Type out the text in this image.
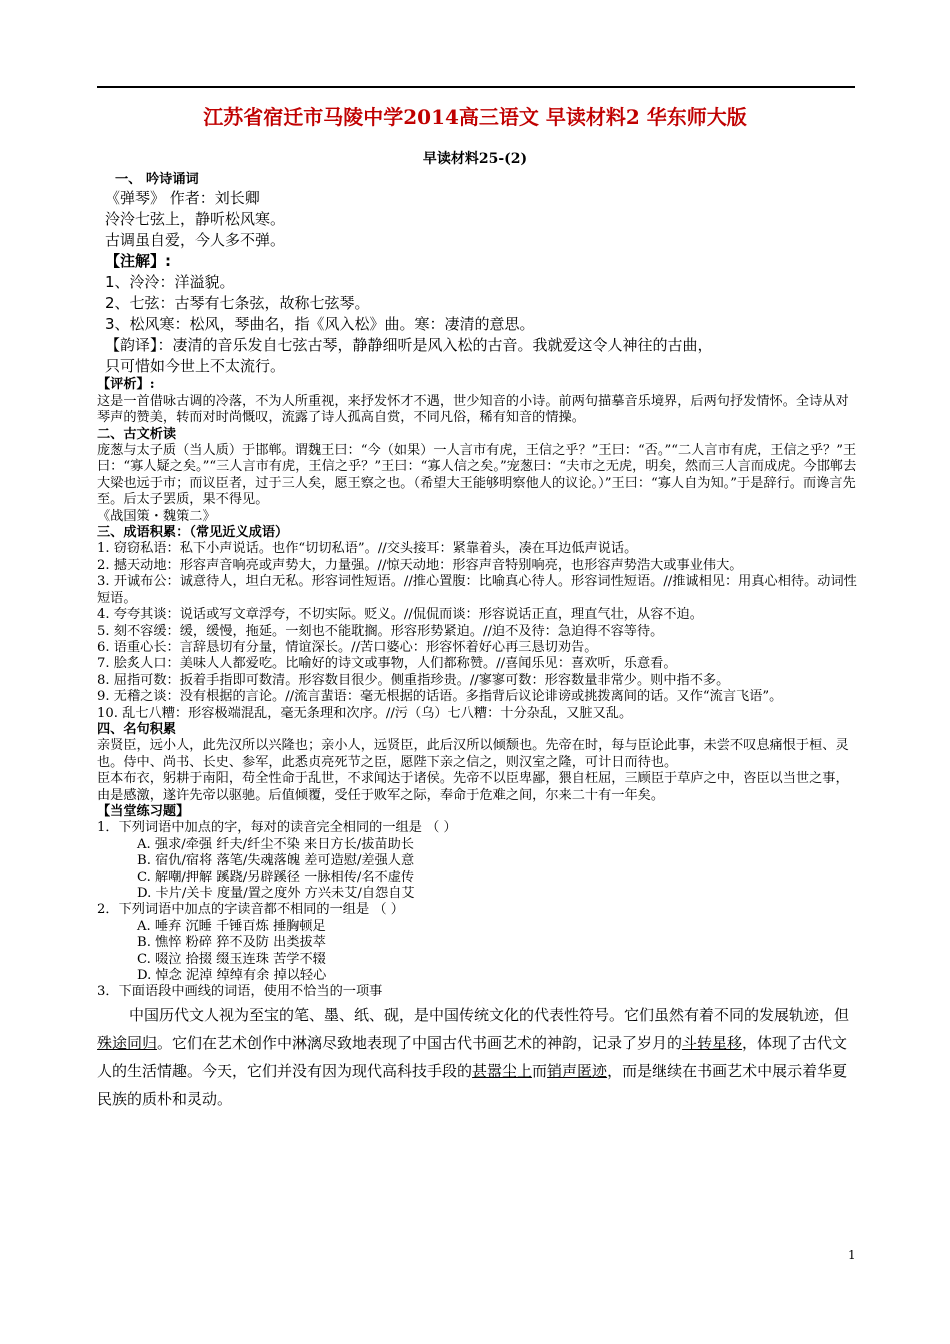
江苏省宿迁市马陵中学2014高三语文 早读材料2 华东师大版
早读材料25-(2)

一、 吟诗诵词

《弹琴》 作者：刘长卿

泠泠七弦上，静听松风寒。

古调虽自爱，今人多不弹。

【注解】:

1、泠泠：洋溢貌。

2、七弦：古琴有七条弦，故称七弦琴。

3、松风寒：松风，琴曲名，指《风入松》曲。寒：凄清的意思。

【韵译】：凄清的音乐发自七弦古琴，静静细听是风入松的古音。我就爱这令人神往的古曲，

只可惜如今世上不太流行。

【评析】:

这是一首借咏古调的冷落，不为人所重视，来抒发怀才不遇，世少知音的小诗。前两句描摹音乐境界，后两句抒发情怀。全诗从对琴声的赞美，转而对时尚慨叹，流露了诗人孤高自赏，不同凡俗，稀有知音的情操。

二、古文析读

庞葱与太子质（当人质）于邯郸。谓魏王曰：“今（如果）一人言市有虎，王信之乎？”王曰：“否。”“二人言市有虎，王信之乎？”王曰：“寡人疑之矣。”“三人言市有虎，王信之乎？”王曰：“寡人信之矣。”宠葱曰：“夫市之无虎，明矣，然而三人言而成虎。今邯郸去大梁也远于市；而议臣者，过于三人矣，愿王察之也。（希望大王能够明察他人的议论。）”王曰：“寡人自为知。”于是辞行。而谗言先至。后太子罢质，果不得见。

《战国策・魏策二》

三、成语积累：（常见近义成语）

1. 窃窃私语：私下小声说话。也作“切切私语”。//交头接耳：紧靠着头，凑在耳边低声说话。

2. 撼天动地：形容声音响亮或声势大，力量强。//惊天动地：形容声音特别响亮，也形容声势浩大或事业伟大。

3. 开诚布公：诚意待人，坦白无私。形容词性短语。//推心置腹：比喻真心待人。形容词性短语。//推诚相见：用真心相待。动词性短语。

4. 夸夸其谈：说话或写文章浮夸，不切实际。贬义。//侃侃而谈：形容说话正直，理直气壮，从容不迫。

5. 刻不容缓：缓，缓慢，拖延。一刻也不能耽搁。形容形势紧迫。//迫不及待：急迫得不容等待。

6. 语重心长：言辞恳切有分量，情谊深长。//苦口婆心：形容怀着好心再三恳切劝告。

7. 脍炙人口：美味人人都爱吃。比喻好的诗文或事物，人们都称赞。//喜闻乐见：喜欢听，乐意看。

8. 屈指可数：扳着手指即可数清。形容数目很少。侧重指珍贵。//寥寥可数：形容数量非常少。则中指不多。

9. 无稽之谈：没有根据的言论。//流言蜚语：毫无根据的话语。多指背后议论诽谤或挑拨离间的话。又作“流言飞语”。

10. 乱七八糟：形容极端混乱，毫无条理和次序。//污（乌）七八糟：十分杂乱，又脏又乱。

四、名句积累

亲贤臣，远小人，此先汉所以兴隆也；亲小人，远贤臣，此后汉所以倾颓也。先帝在时，每与臣论此事，未尝不叹息痛恨于桓、灵也。侍中、尚书、长史、参军，此悉贞亮死节之臣，愿陛下亲之信之，则汉室之隆，可计日而待也。

臣本布衣，躬耕于南阳，苟全性命于乱世，不求闻达于诸侯。先帝不以臣卑鄙，猥自枉屈，三顾臣于草庐之中，咨臣以当世之事，由是感激，遂许先帝以驱驰。后值倾覆，受任于败军之际，奉命于危难之间，尔来二十有一年矣。

【当堂练习题】

1．下列词语中加点的字，每对的读音完全相同的一组是 （ ）

A. 强求/牵强 纤夫/纤尘不染 来日方长/拔苗助长

B. 宿仇/宿将 落笔/失魂落魄 差可造慰/差强人意

C. 解嘲/押解 蹊跷/另辟蹊径 一脉相传/名不虚传

D. 卡片/关卡 度量/置之度外 方兴未艾/自怨自艾

2．下列词语中加点的字读音都不相同的一组是 （ ）

A. 唾弃 沉睡 千锤百炼 捶胸顿足

B. 憔悴 粉碎 猝不及防 出类拔萃

C. 啜泣 拾掇 缀玉连珠 苦学不辍

D. 悼念 泥淖 绰绰有余 掉以轻心

3．下面语段中画线的词语，使用不恰当的一项事

中国历代文人视为至宝的笔、墨、纸、砚，是中国传统文化的代表性符号。它们虽然有着不同的发展轨迹，但殊途同归。它们在艺术创作中淋漓尽致地表现了中国古代书画艺术的神韵，记录了岁月的斗转星移，体现了古代文人的生活情趣。今天，它们并没有因为现代高科技手段的甚嚣尘上而销声匿迹，而是继续在书画艺术中展示着华夏民族的质朴和灵动。

1
